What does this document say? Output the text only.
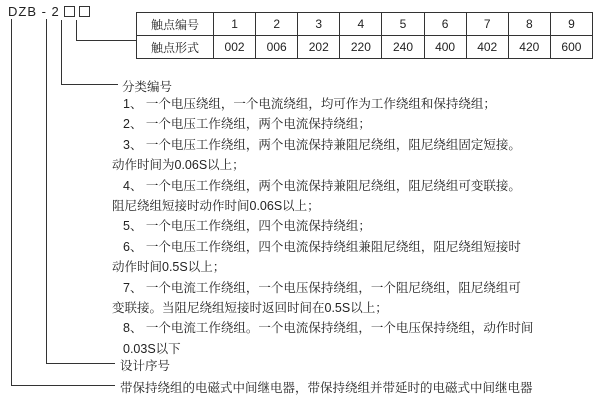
DZB - 2
触点编号	1	2	3	4	5	6	7	8	9
触点形式	002	006	202	220	240	400	402	420	600
分类编号
设计序号
带保持绕组的电磁式中间继电器，带保持绕组并带延时的电磁式中间继电器
1、 一个电压绕组，一个电流绕组，均可作为工作绕组和保持绕组；
2、 一个电压工作绕组，两个电流保持绕组；
3、 一个电压工作绕组，两个电流保持兼阻尼绕组，阻尼绕组固定短接。
动作时间为0.06S以上；
4、 一个电压工作绕组，两个电流保持兼阻尼绕组，阻尼绕组可变联接。
阻尼绕组短接时动作时间0.06S以上；
5、 一个电压工作绕组，四个电流保持绕组；
6、 一个电压工作绕组，四个电流保持绕组兼阻尼绕组，阻尼绕组短接时
动作时间0.5S以上；
7、 一个电流工作绕组，一个电压保持绕组，一个阻尼绕组，阻尼绕组可
变联接。当阻尼绕组短接时返回时间在0.5S以上；
8、 一个电流工作绕组。一个电流保持绕组，一个电压保持绕组，动作时间
0.03S以下
